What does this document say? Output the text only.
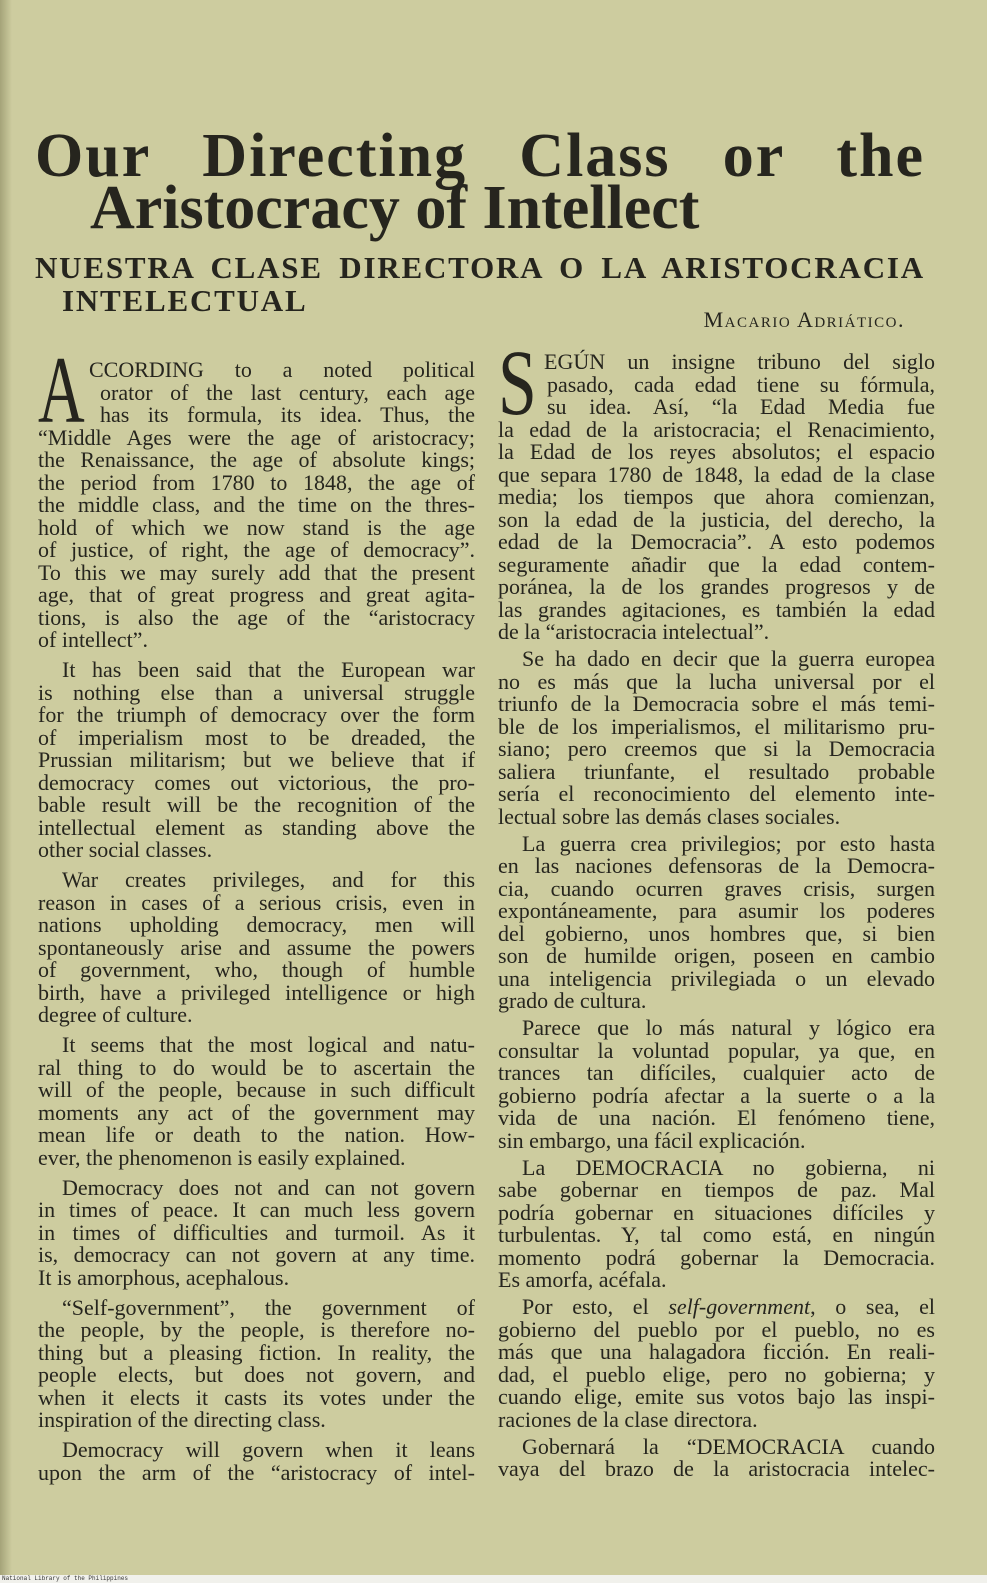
Our Directing Class or the
Aristocracy of Intellect
NUESTRA CLASE DIRECTORA O LA ARISTOCRACIA
INTELECTUAL
Macario Adriático.
A CCORDING to a noted political
orator of the last century, each age
has its formula, its idea. Thus, the
“Middle Ages were the age of aristocracy;
the Renaissance, the age of absolute kings;
the period from 1780 to 1848, the age of
the middle class, and the time on the thres-
hold of which we now stand is the age
of justice, of right, the age of democracy”.
To this we may surely add that the present
age, that of great progress and great agita-
tions, is also the age of the “aristocracy
of intellect”.
It has been said that the European war
is nothing else than a universal struggle
for the triumph of democracy over the form
of imperialism most to be dreaded, the
Prussian militarism; but we believe that if
democracy comes out victorious, the pro-
bable result will be the recognition of the
intellectual element as standing above the
other social classes.
War creates privileges, and for this
reason in cases of a serious crisis, even in
nations upholding democracy, men will
spontaneously arise and assume the powers
of government, who, though of humble
birth, have a privileged intelligence or high
degree of culture.
It seems that the most logical and natu-
ral thing to do would be to ascertain the
will of the people, because in such difficult
moments any act of the government may
mean life or death to the nation. How-
ever, the phenomenon is easily explained.
Democracy does not and can not govern
in times of peace. It can much less govern
in times of difficulties and turmoil. As it
is, democracy can not govern at any time.
It is amorphous, acephalous.
“Self-government”, the government of
the people, by the people, is therefore no-
thing but a pleasing fiction. In reality, the
people elects, but does not govern, and
when it elects it casts its votes under the
inspiration of the directing class.
Democracy will govern when it leans
upon the arm of the “aristocracy of intel-
S EGÚN un insigne tribuno del siglo
pasado, cada edad tiene su fórmula,
su idea. Así, “la Edad Media fue
la edad de la aristocracia; el Renacimiento,
la Edad de los reyes absolutos; el espacio
que separa 1780 de 1848, la edad de la clase
media; los tiempos que ahora comienzan,
son la edad de la justicia, del derecho, la
edad de la Democracia”. A esto podemos
seguramente añadir que la edad contem-
poránea, la de los grandes progresos y de
las grandes agitaciones, es también la edad
de la “aristocracia intelectual”.
Se ha dado en decir que la guerra europea
no es más que la lucha universal por el
triunfo de la Democracia sobre el más temi-
ble de los imperialismos, el militarismo pru-
siano; pero creemos que si la Democracia
saliera triunfante, el resultado probable
sería el reconocimiento del elemento inte-
lectual sobre las demás clases sociales.
La guerra crea privilegios; por esto hasta
en las naciones defensoras de la Democra-
cia, cuando ocurren graves crisis, surgen
expontáneamente, para asumir los poderes
del gobierno, unos hombres que, si bien
son de humilde origen, poseen en cambio
una inteligencia privilegiada o un elevado
grado de cultura.
Parece que lo más natural y lógico era
consultar la voluntad popular, ya que, en
trances tan difíciles, cualquier acto de
gobierno podría afectar a la suerte o a la
vida de una nación. El fenómeno tiene,
sin embargo, una fácil explicación.
La DEMOCRACIA no gobierna, ni
sabe gobernar en tiempos de paz. Mal
podría gobernar en situaciones difíciles y
turbulentas. Y, tal como está, en ningún
momento podrá gobernar la Democracia.
Es amorfa, acéfala.
Por esto, el self-government, o sea, el
gobierno del pueblo por el pueblo, no es
más que una halagadora ficción. En reali-
dad, el pueblo elige, pero no gobierna; y
cuando elige, emite sus votos bajo las inspi-
raciones de la clase directora.
Gobernará la “DEMOCRACIA cuando
vaya del brazo de la aristocracia intelec-
National Library of the Philippines
